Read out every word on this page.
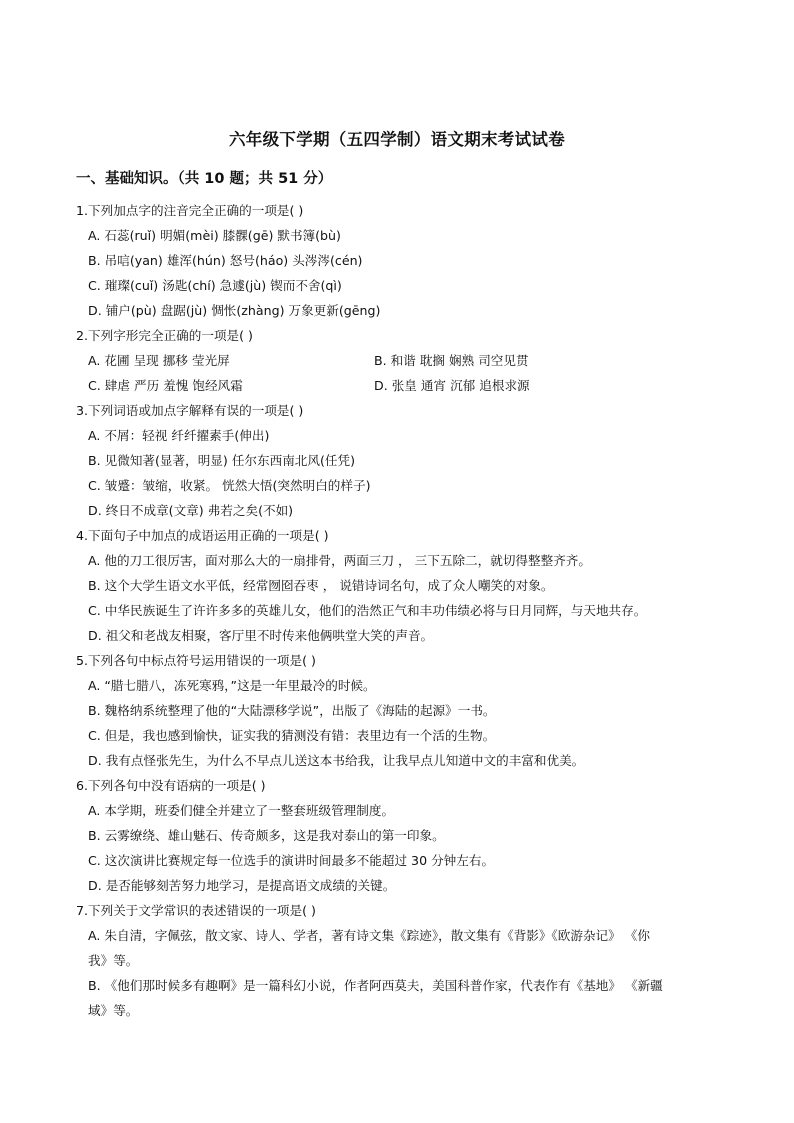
六年级下学期（五四学制）语文期末考试试卷
一、基础知识。（共 10 题；共 51 分）
1.下列加点字的注音完全正确的一项是( )
A. 石蕊(ruǐ) 明媚(mèi) 膝髁(gē) 默书簿(bù)
B. 吊唁(yan) 雄浑(hún) 怒号(háo) 头涔涔(cén)
C. 璀璨(cuǐ) 汤匙(chí) 急遽(jù) 锲而不舍(qì)
D. 铺户(pù) 盘踞(jù) 惆怅(zhàng) 万象更新(gēng)
2.下列字形完全正确的一项是( )
A. 花圃 呈现 挪移 莹光屏	B. 和谐 耽搁 娴熟 司空见贯
C. 肆虐 严历 羞愧 饱经风霜	D. 张皇 通宵 沉郁 追根求源
3.下列词语或加点字解释有误的一项是( )
A. 不屑：轻视 纤纤擢素手(伸出)
B. 见微知著(显著，明显) 任尔东西南北风(任凭)
C. 皱蹙：皱缩，收紧。 恍然大悟(突然明白的样子)
D. 终日不成章(文章) 弗若之矣(不如)
4.下面句子中加点的成语运用正确的一项是( )
A. 他的刀工很厉害，面对那么大的一扇排骨，两面三刀 ， 三下五除二，就切得整整齐齐。
B. 这个大学生语文水平低，经常囫囵吞枣 ， 说错诗词名句，成了众人嘲笑的对象。
C. 中华民族诞生了许许多多的英雄儿女，他们的浩然正气和丰功伟绩必将与日月同辉，与天地共存。
D. 祖父和老战友相聚，客厅里不时传来他俩哄堂大笑的声音。
5.下列各句中标点符号运用错误的一项是( )
A. “腊七腊八，冻死寒鸦，”这是一年里最冷的时候。
B. 魏格纳系统整理了他的“大陆漂移学说”，出版了《海陆的起源》一书。
C. 但是，我也感到愉快，证实我的猜测没有错：表里边有一个活的生物。
D. 我有点怪张先生，为什么不早点儿送这本书给我，让我早点儿知道中文的丰富和优美。
6.下列各句中没有语病的一项是( )
A. 本学期，班委们健全并建立了一整套班级管理制度。
B. 云雾缭绕、雄山魅石、传奇颇多，这是我对泰山的第一印象。
C. 这次演讲比赛规定每一位选手的演讲时间最多不能超过 30 分钟左右。
D. 是否能够刻苦努力地学习，是提高语文成绩的关键。
7.下列关于文学常识的表述错误的一项是( )
A. 朱自清，字佩弦，散文家、诗人、学者，著有诗文集《踪迹》，散文集有《背影》《欧游杂记》 《你
我》等。
B. 《他们那时候多有趣啊》是一篇科幻小说，作者阿西莫夫，美国科普作家，代表作有《基地》 《新疆
域》等。
